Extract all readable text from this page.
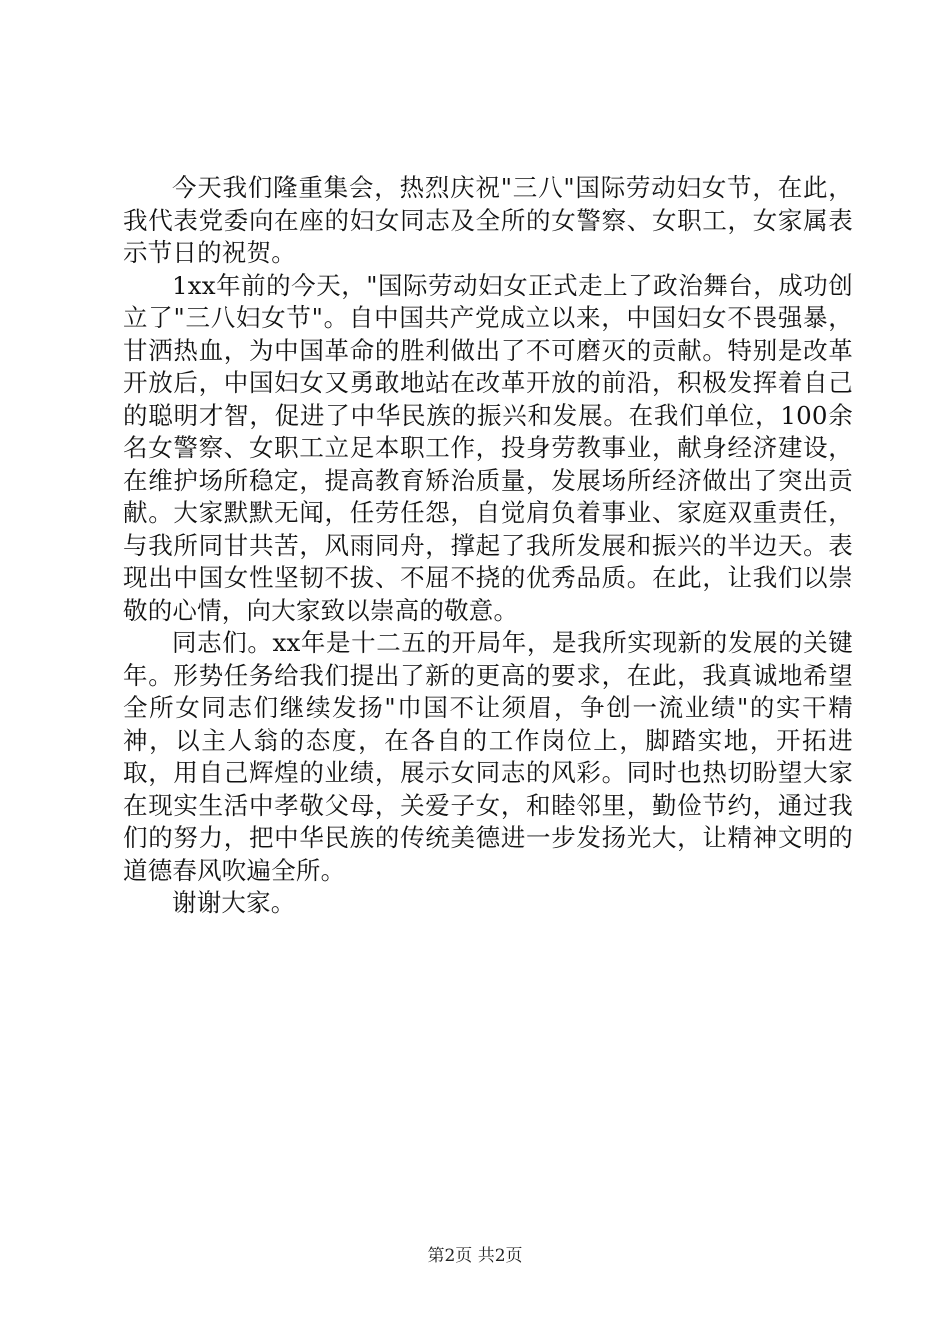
今天我们隆重集会，热烈庆祝"三八"国际劳动妇女节，在此，我代表党委向在座的妇女同志及全所的女警察、女职工，女家属表示节日的祝贺。

1xx年前的今天，"国际劳动妇女正式走上了政治舞台，成功创立了"三八妇女节"。自中国共产党成立以来，中国妇女不畏强暴，甘洒热血，为中国革命的胜利做出了不可磨灭的贡献。特别是改革开放后，中国妇女又勇敢地站在改革开放的前沿，积极发挥着自己的聪明才智，促进了中华民族的振兴和发展。在我们单位，100余名女警察、女职工立足本职工作，投身劳教事业，献身经济建设，在维护场所稳定，提高教育矫治质量，发展场所经济做出了突出贡献。大家默默无闻，任劳任怨，自觉肩负着事业、家庭双重责任，与我所同甘共苦，风雨同舟，撑起了我所发展和振兴的半边天。表现出中国女性坚韧不拔、不屈不挠的优秀品质。在此，让我们以崇敬的心情，向大家致以崇高的敬意。

同志们。xx年是十二五的开局年，是我所实现新的发展的关键年。形势任务给我们提出了新的更高的要求，在此，我真诚地希望全所女同志们继续发扬"巾国不让须眉，争创一流业绩"的实干精神，以主人翁的态度，在各自的工作岗位上，脚踏实地，开拓进取，用自己辉煌的业绩，展示女同志的风彩。同时也热切盼望大家在现实生活中孝敬父母，关爱子女，和睦邻里，勤俭节约，通过我们的努力，把中华民族的传统美德进一步发扬光大，让精神文明的道德春风吹遍全所。

谢谢大家。

第2页 共2页
